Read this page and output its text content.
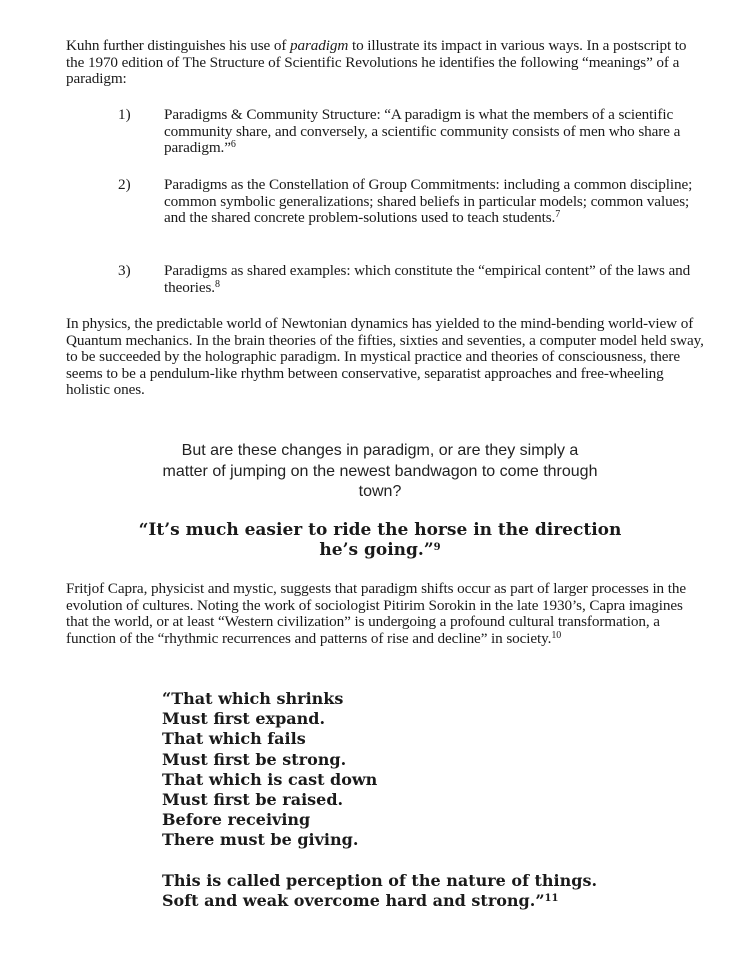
Kuhn further distinguishes his use of paradigm to illustrate its impact in various ways. In a postscript to the 1970 edition of The Structure of Scientific Revolutions he identifies the following “meanings” of a paradigm:

1) Paradigms & Community Structure: “A paradigm is what the members of a scientific community share, and conversely, a scientific community consists of men who share a paradigm.”$^6$

2) Paradigms as the Constellation of Group Commitments: including a common discipline; common symbolic generalizations; shared beliefs in particular models; common values; and the shared concrete problem-solutions used to teach students.$^7$

3) Paradigms as shared examples: which constitute the “empirical content” of the laws and theories.$^8$

In physics, the predictable world of Newtonian dynamics has yielded to the mind-bending world-view of Quantum mechanics. In the brain theories of the fifties, sixties and seventies, a computer model held sway, to be succeeded by the holographic paradigm. In mystical practice and theories of consciousness, there seems to be a pendulum-like rhythm between conservative, separatist approaches and free-wheeling holistic ones.

But are these changes in paradigm, or are they simply a matter of jumping on the newest bandwagon to come through town?
“It’s much easier to ride the horse in the direction he’s going.”$^9$

Fritjof Capra, physicist and mystic, suggests that paradigm shifts occur as part of larger processes in the evolution of cultures. Noting the work of sociologist Pitirim Sorokin in the late 1930’s, Capra imagines that the world, or at least “Western civilization” is undergoing a profound cultural transformation, a function of the “rhythmic recurrences and patterns of rise and decline” in society.$^{10}$

“That which shrinks
Must first expand.
That which fails
Must first be strong.
That which is cast down
Must first be raised.
Before receiving
There must be giving.
This is called perception of the nature of things. Soft and weak overcome hard and strong.”$^{11}$
